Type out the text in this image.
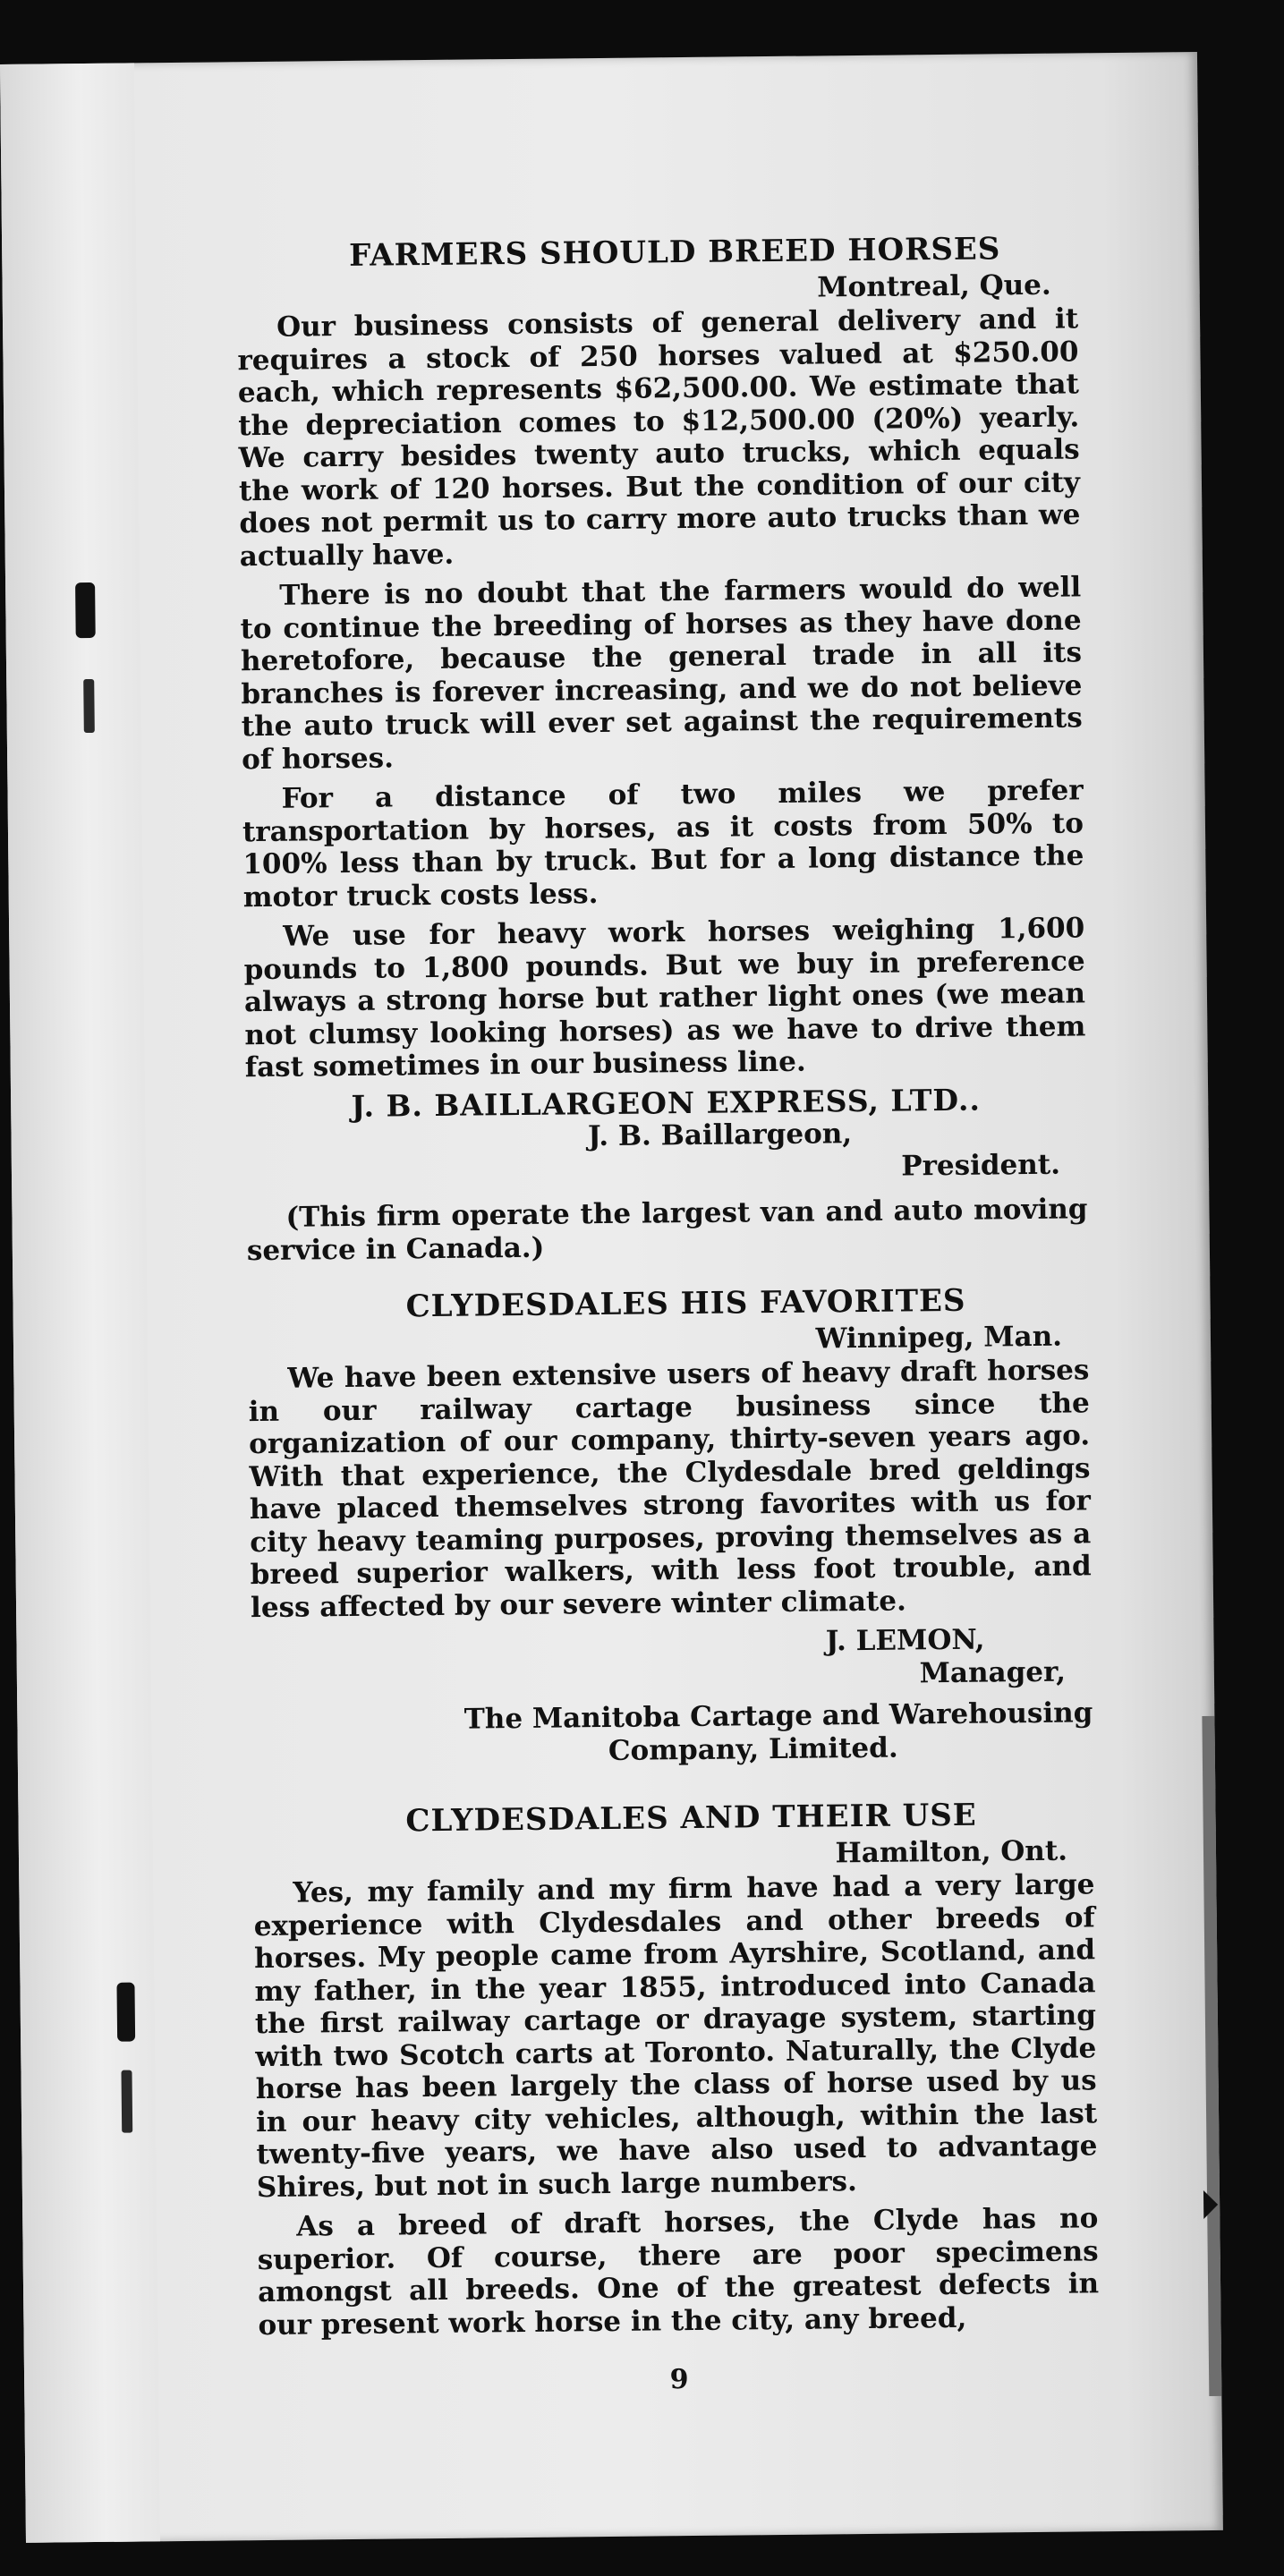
FARMERS SHOULD BREED HORSES
Montreal, Que.

Our business consists of general delivery and it requires a stock of 250 horses valued at $250.00 each, which represents $62,500.00. We estimate that the depreciation comes to $12,500.00 (20%) yearly. We carry besides twenty auto trucks, which equals the work of 120 horses. But the condition of our city does not permit us to carry more auto trucks than we actually have.

There is no doubt that the farmers would do well to continue the breeding of horses as they have done heretofore, because the general trade in all its branches is forever increasing, and we do not believe the auto truck will ever set against the requirements of horses.

For a distance of two miles we prefer transportation by horses, as it costs from 50% to 100% less than by truck. But for a long distance the motor truck costs less.

We use for heavy work horses weighing 1,600 pounds to 1,800 pounds. But we buy in preference always a strong horse but rather light ones (we mean not clumsy looking horses) as we have to drive them fast sometimes in our business line.

J. B. BAILLARGEON EXPRESS, LTD..
J. B. Baillargeon,
President.

(This firm operate the largest van and auto moving service in Canada.)

CLYDESDALES HIS FAVORITES
Winnipeg, Man.

We have been extensive users of heavy draft horses in our railway cartage business since the organization of our company, thirty-seven years ago. With that experience, the Clydesdale bred geldings have placed themselves strong favorites with us for city heavy teaming purposes, proving themselves as a breed superior walkers, with less foot trouble, and less affected by our severe winter climate.

J. LEMON,
Manager,
The Manitoba Cartage and Warehousing
Company, Limited.
CLYDESDALES AND THEIR USE
Hamilton, Ont.

Yes, my family and my firm have had a very large experience with Clydesdales and other breeds of horses. My people came from Ayrshire, Scotland, and my father, in the year 1855, introduced into Canada the first railway cartage or drayage system, starting with two Scotch carts at Toronto. Naturally, the Clyde horse has been largely the class of horse used by us in our heavy city vehicles, although, within the last twenty-five years, we have also used to advantage Shires, but not in such large numbers.

As a breed of draft horses, the Clyde has no superior. Of course, there are poor specimens amongst all breeds. One of the greatest defects in our present work horse in the city, any breed,

9
